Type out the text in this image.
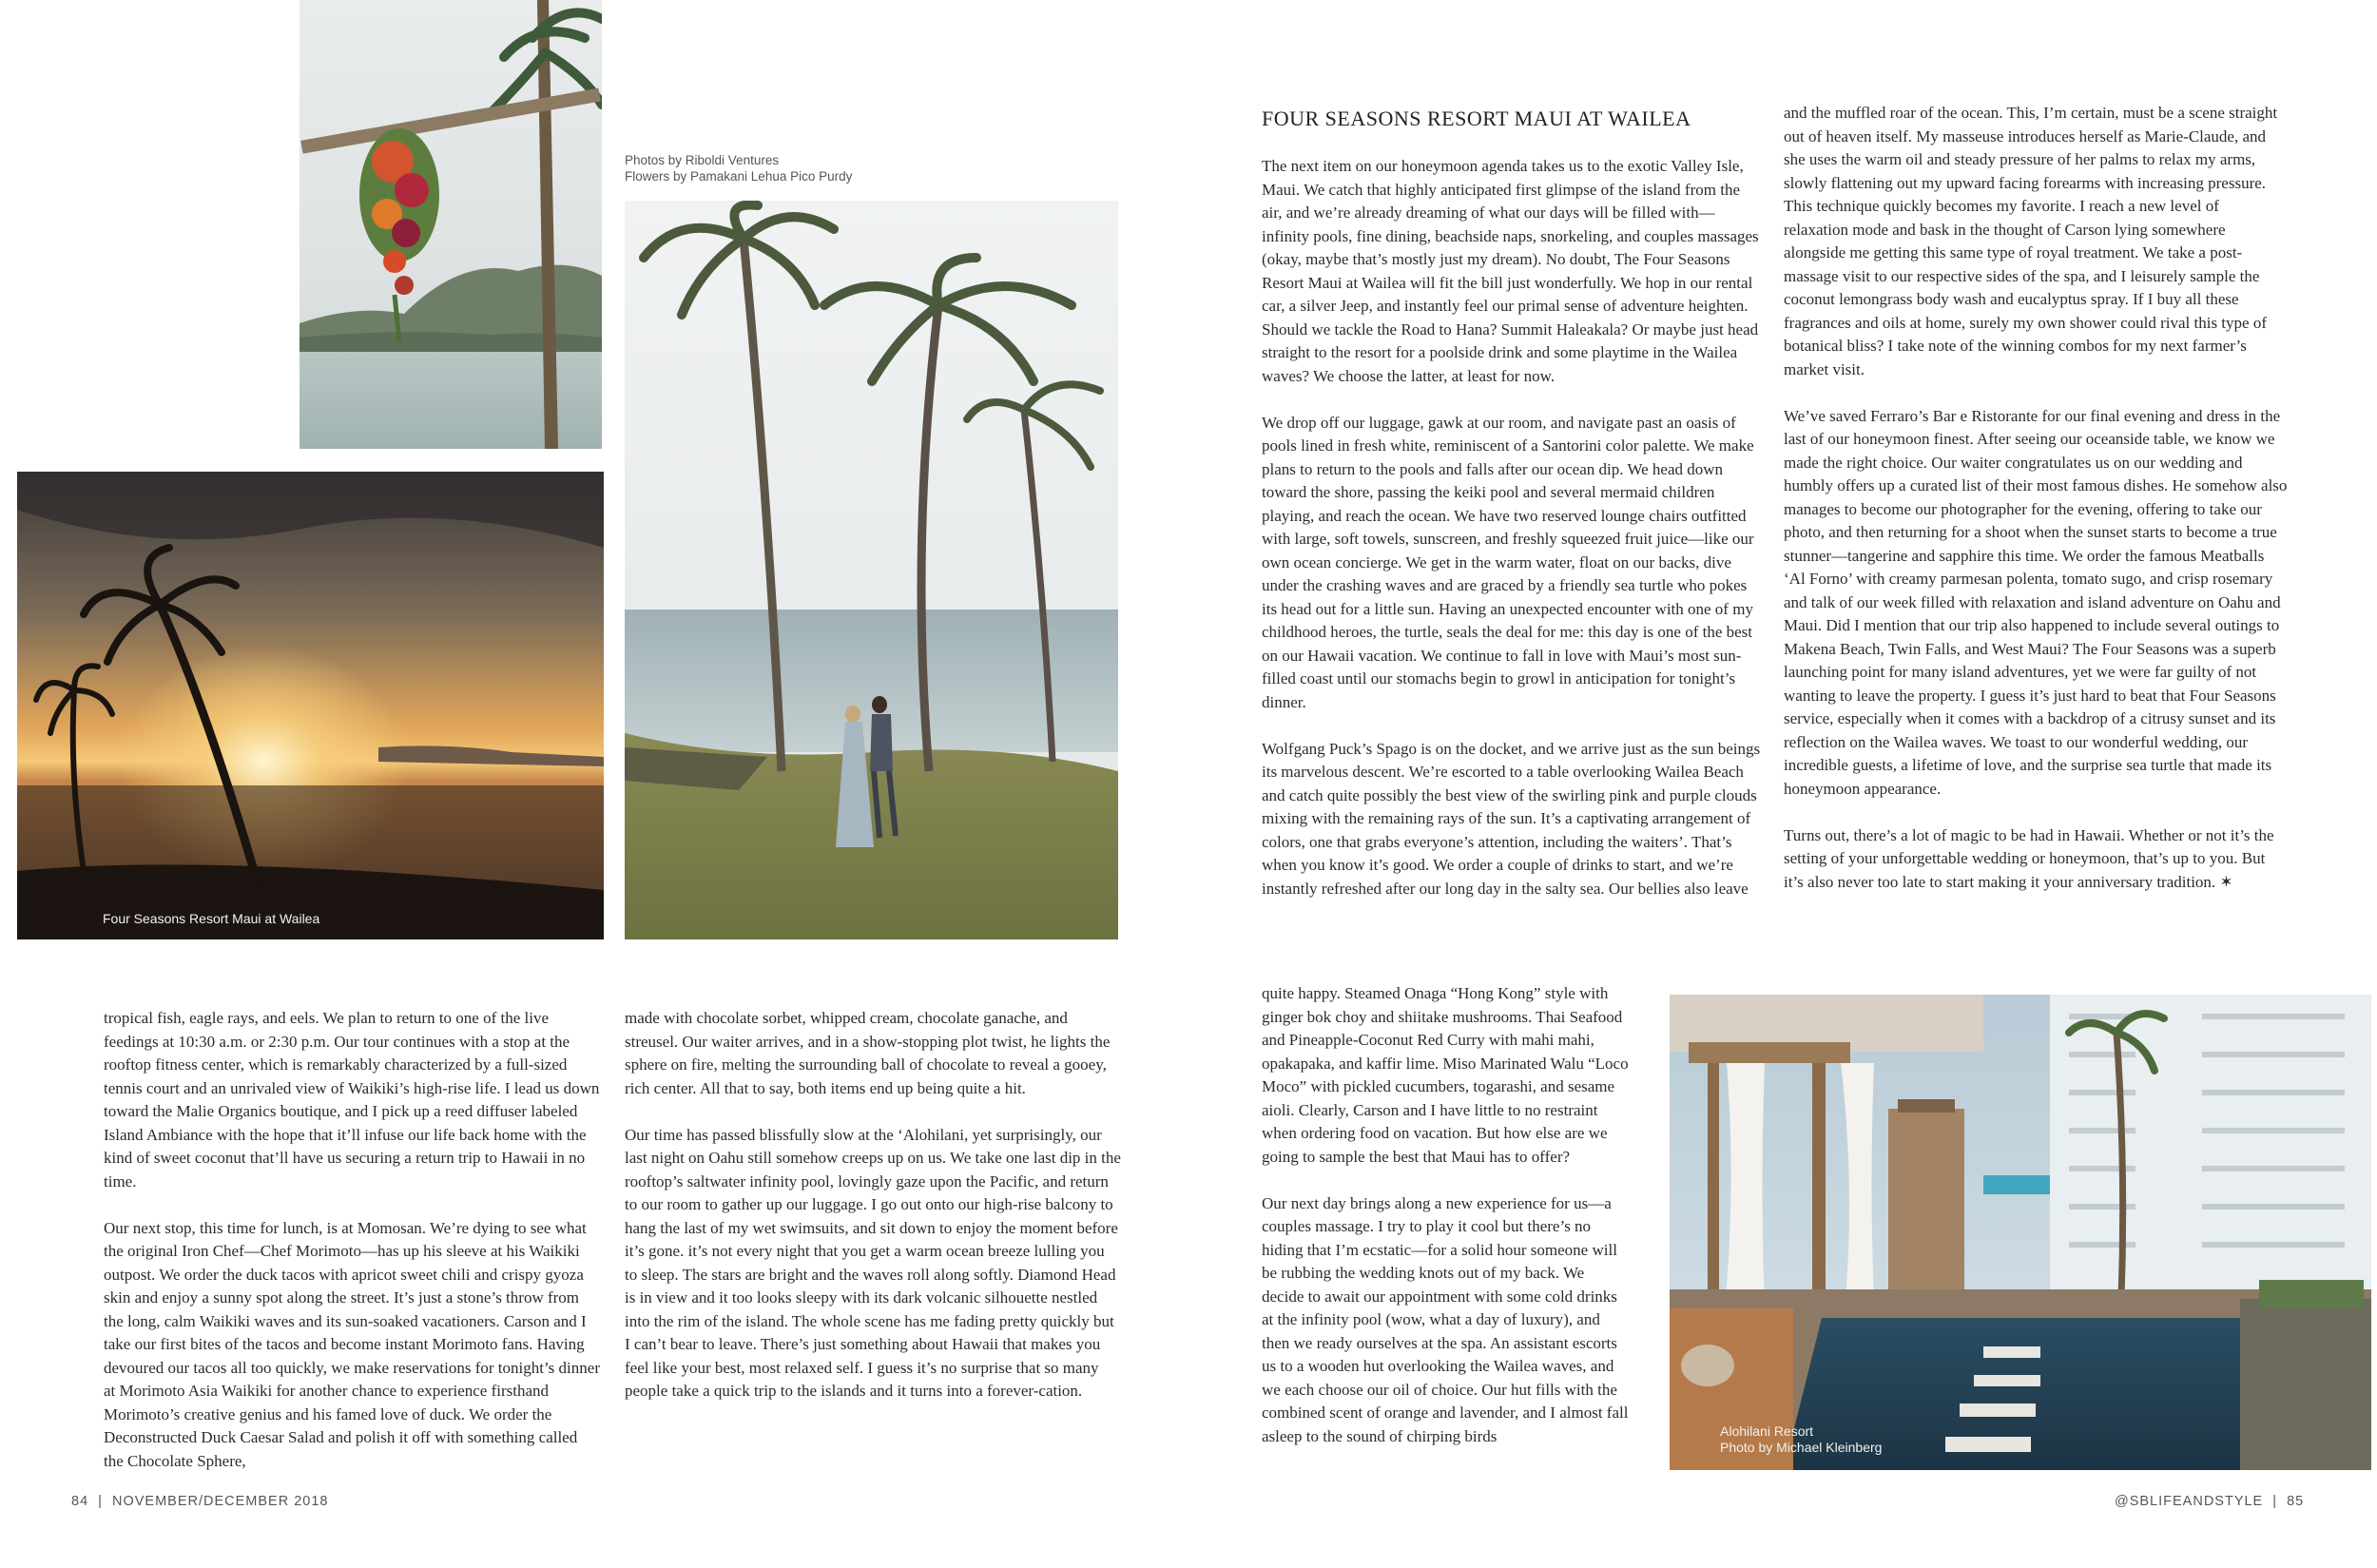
Four Seasons Resort Maui at Wailea
Photos by Riboldi Ventures
Flowers by Pamakani Lehua Pico Purdy
Alohilani Resort
Photo by Michael Kleinberg

tropical fish, eagle rays, and eels. We plan to return to one of the live feedings at 10:30 a.m. or 2:30 p.m. Our tour continues with a stop at the rooftop fitness center, which is remarkably characterized by a full-sized tennis court and an unrivaled view of Waikiki’s high-rise life. I lead us down toward the Malie Organics boutique, and I pick up a reed diffuser labeled Island Ambiance with the hope that it’ll infuse our life back home with the kind of sweet coconut that’ll have us securing a return trip to Hawaii in no time.

Our next stop, this time for lunch, is at Momosan. We’re dying to see what the original Iron Chef—Chef Morimoto—has up his sleeve at his Waikiki outpost. We order the duck tacos with apricot sweet chili and crispy gyoza skin and enjoy a sunny spot along the street. It’s just a stone’s throw from the long, calm Waikiki waves and its sun-soaked vacationers. Carson and I take our first bites of the tacos and become instant Morimoto fans. Having devoured our tacos all too quickly, we make reservations for tonight’s dinner at Morimoto Asia Waikiki for another chance to experience firsthand Morimoto’s creative genius and his famed love of duck. We order the Deconstructed Duck Caesar Salad and polish it off with something called the Chocolate Sphere,

made with chocolate sorbet, whipped cream, chocolate ganache, and streusel. Our waiter arrives, and in a show-stopping plot twist, he lights the sphere on fire, melting the surrounding ball of chocolate to reveal a gooey, rich center. All that to say, both items end up being quite a hit.

Our time has passed blissfully slow at the ʻAlohilani, yet surprisingly, our last night on Oahu still somehow creeps up on us. We take one last dip in the rooftop’s saltwater infinity pool, lovingly gaze upon the Pacific, and return to our room to gather up our luggage. I go out onto our high-rise balcony to hang the last of my wet swimsuits, and sit down to enjoy the moment before it’s gone. it’s not every night that you get a warm ocean breeze lulling you to sleep. The stars are bright and the waves roll along softly. Diamond Head is in view and it too looks sleepy with its dark volcanic silhouette nestled into the rim of the island. The whole scene has me fading pretty quickly but I can’t bear to leave. There’s just something about Hawaii that makes you feel like your best, most relaxed self. I guess it’s no surprise that so many people take a quick trip to the islands and it turns into a forever-cation.

FOUR SEASONS RESORT MAUI AT WAILEA

The next item on our honeymoon agenda takes us to the exotic Valley Isle, Maui. We catch that highly anticipated first glimpse of the island from the air, and we’re already dreaming of what our days will be filled with—infinity pools, fine dining, beachside naps, snorkeling, and couples massages (okay, maybe that’s mostly just my dream). No doubt, The Four Seasons Resort Maui at Wailea will fit the bill just wonderfully. We hop in our rental car, a silver Jeep, and instantly feel our primal sense of adventure heighten. Should we tackle the Road to Hana? Summit Haleakala? Or maybe just head straight to the resort for a poolside drink and some playtime in the Wailea waves? We choose the latter, at least for now.

We drop off our luggage, gawk at our room, and navigate past an oasis of pools lined in fresh white, reminiscent of a Santorini color palette. We make plans to return to the pools and falls after our ocean dip. We head down toward the shore, passing the keiki pool and several mermaid children playing, and reach the ocean. We have two reserved lounge chairs outfitted with large, soft towels, sunscreen, and freshly squeezed fruit juice—like our own ocean concierge. We get in the warm water, float on our backs, dive under the crashing waves and are graced by a friendly sea turtle who pokes its head out for a little sun. Having an unexpected encounter with one of my childhood heroes, the turtle, seals the deal for me: this day is one of the best on our Hawaii vacation. We continue to fall in love with Maui’s most sun-filled coast until our stomachs begin to growl in anticipation for tonight’s dinner.

Wolfgang Puck’s Spago is on the docket, and we arrive just as the sun beings its marvelous descent. We’re escorted to a table overlooking Wailea Beach and catch quite possibly the best view of the swirling pink and purple clouds mixing with the remaining rays of the sun. It’s a captivating arrangement of colors, one that grabs everyone’s attention, including the waiters’. That’s when you know it’s good. We order a couple of drinks to start, and we’re instantly refreshed after our long day in the salty sea. Our bellies also leave

quite happy. Steamed Onaga “Hong Kong” style with ginger bok choy and shiitake mushrooms. Thai Seafood and Pineapple-Coconut Red Curry with mahi mahi, opakapaka, and kaffir lime. Miso Marinated Walu “Loco Moco” with pickled cucumbers, togarashi, and sesame aioli. Clearly, Carson and I have little to no restraint when ordering food on vacation. But how else are we going to sample the best that Maui has to offer?

Our next day brings along a new experience for us—a couples massage. I try to play it cool but there’s no hiding that I’m ecstatic—for a solid hour someone will be rubbing the wedding knots out of my back. We decide to await our appointment with some cold drinks at the infinity pool (wow, what a day of luxury), and then we ready ourselves at the spa. An assistant escorts us to a wooden hut overlooking the Wailea waves, and we each choose our oil of choice. Our hut fills with the combined scent of orange and lavender, and I almost fall asleep to the sound of chirping birds

and the muffled roar of the ocean. This, I’m certain, must be a scene straight out of heaven itself. My masseuse introduces herself as Marie-Claude, and she uses the warm oil and steady pressure of her palms to relax my arms, slowly flattening out my upward facing forearms with increasing pressure. This technique quickly becomes my favorite. I reach a new level of relaxation mode and bask in the thought of Carson lying somewhere alongside me getting this same type of royal treatment. We take a post-massage visit to our respective sides of the spa, and I leisurely sample the coconut lemongrass body wash and eucalyptus spray. If I buy all these fragrances and oils at home, surely my own shower could rival this type of botanical bliss? I take note of the winning combos for my next farmer’s market visit.

We’ve saved Ferraro’s Bar e Ristorante for our final evening and dress in the last of our honeymoon finest. After seeing our oceanside table, we know we made the right choice. Our waiter congratulates us on our wedding and humbly offers up a curated list of their most famous dishes. He somehow also manages to become our photographer for the evening, offering to take our photo, and then returning for a shoot when the sunset starts to become a true stunner—tangerine and sapphire this time. We order the famous Meatballs ‘Al Forno’ with creamy parmesan polenta, tomato sugo, and crisp rosemary and talk of our week filled with relaxation and island adventure on Oahu and Maui. Did I mention that our trip also happened to include several outings to Makena Beach, Twin Falls, and West Maui? The Four Seasons was a superb launching point for many island adventures, yet we were far guilty of not wanting to leave the property. I guess it’s just hard to beat that Four Seasons service, especially when it comes with a backdrop of a citrusy sunset and its reflection on the Wailea waves. We toast to our wonderful wedding, our incredible guests, a lifetime of love, and the surprise sea turtle that made its honeymoon appearance.

Turns out, there’s a lot of magic to be had in Hawaii. Whether or not it’s the setting of your unforgettable wedding or honeymoon, that’s up to you. But it’s also never too late to start making it your anniversary tradition. ✶

84  |  NOVEMBER/DECEMBER 2018	@SBLIFEANDSTYLE  |  85
